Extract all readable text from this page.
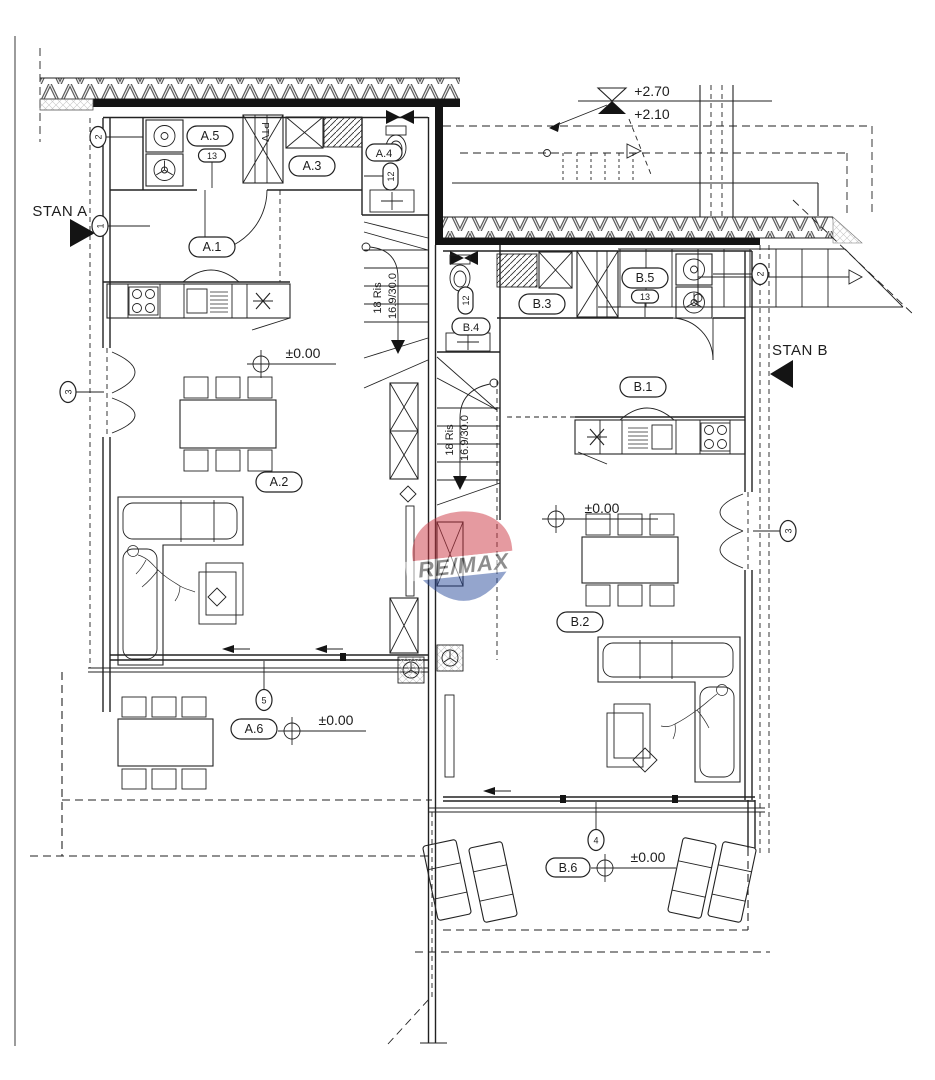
+2.70
+2.10
PTV
18 Ris 16.9/30.0
18 Ris 16.9/30.0
A.5
13
A.3
A.1
A.4
12
A.2
A.6
B.3
B.5
13
B.4
12
B.1
B.2
B.6
±0.00
±0.00
±0.00
±0.00
STAN A
STAN B
2
1
3
2
3
5
4
RE/MAX
